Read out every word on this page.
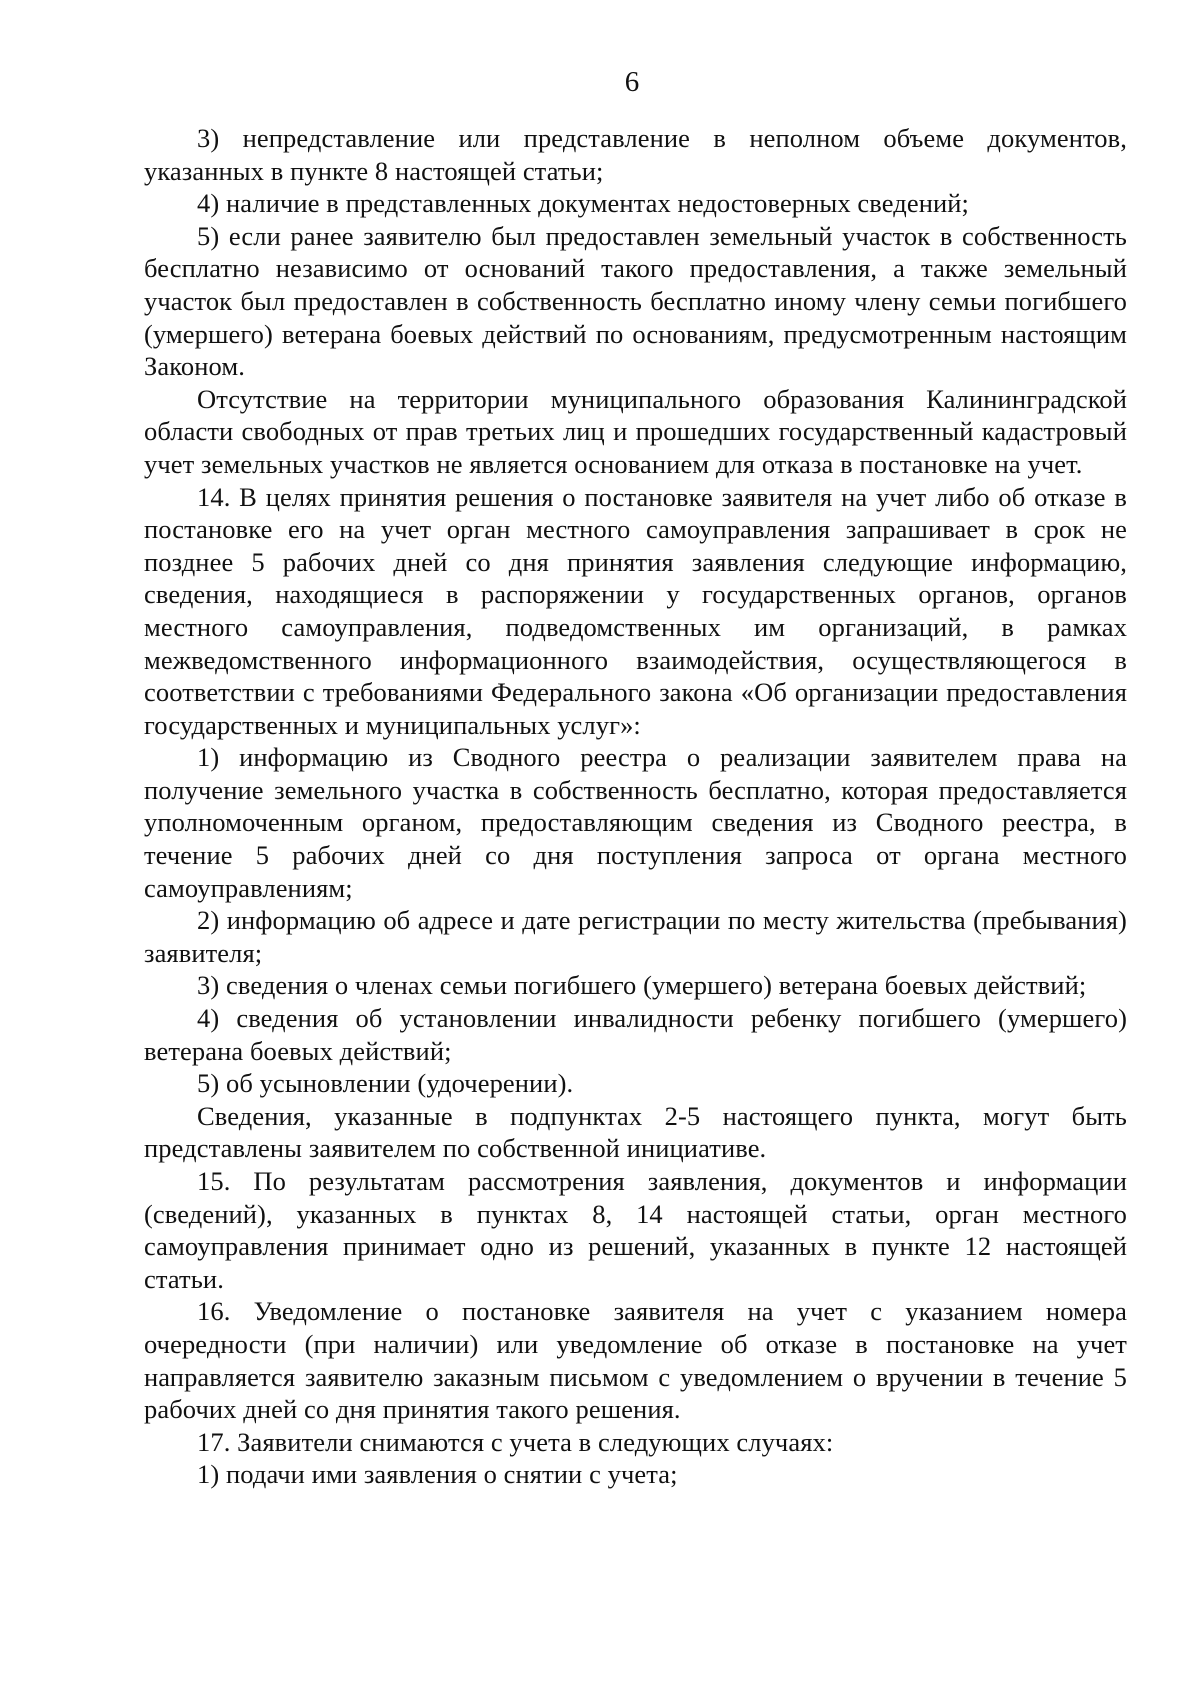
6

3) непредставление или представление в неполном объеме документов, указанных в пункте 8 настоящей статьи;

4) наличие в представленных документах недостоверных сведений;

5) если ранее заявителю был предоставлен земельный участок в собственность бесплатно независимо от оснований такого предоставления, а также земельный участок был предоставлен в собственность бесплатно иному члену семьи погибшего (умершего) ветерана боевых действий по основаниям, предусмотренным настоящим Законом.

Отсутствие на территории муниципального образования Калининградской области свободных от прав третьих лиц и прошедших государственный кадастровый учет земельных участков не является основанием для отказа в постановке на учет.

14. В целях принятия решения о постановке заявителя на учет либо об отказе в постановке его на учет орган местного самоуправления запрашивает в срок не позднее 5 рабочих дней со дня принятия заявления следующие информацию, сведения, находящиеся в распоряжении у государственных органов, органов местного самоуправления, подведомственных им организаций, в рамках межведомственного информационного взаимодействия, осуществляющегося в соответствии с требованиями Федерального закона «Об организации предоставления государственных и муниципальных услуг»:

1) информацию из Сводного реестра о реализации заявителем права на получение земельного участка в собственность бесплатно, которая предоставляется уполномоченным органом, предоставляющим сведения из Сводного реестра, в течение 5 рабочих дней со дня поступления запроса от органа местного самоуправлениям;

2) информацию об адресе и дате регистрации по месту жительства (пребывания) заявителя;

3) сведения о членах семьи погибшего (умершего) ветерана боевых действий;

4) сведения об установлении инвалидности ребенку погибшего (умершего) ветерана боевых действий;

5) об усыновлении (удочерении).

Сведения, указанные в подпунктах 2-5 настоящего пункта, могут быть представлены заявителем по собственной инициативе.

15. По результатам рассмотрения заявления, документов и информации (сведений), указанных в пунктах 8, 14 настоящей статьи, орган местного самоуправления принимает одно из решений, указанных в пункте 12 настоящей статьи.

16. Уведомление о постановке заявителя на учет с указанием номера очередности (при наличии) или уведомление об отказе в постановке на учет направляется заявителю заказным письмом с уведомлением о вручении в течение 5 рабочих дней со дня принятия такого решения.

17. Заявители снимаются с учета в следующих случаях:

1) подачи ими заявления о снятии с учета;
